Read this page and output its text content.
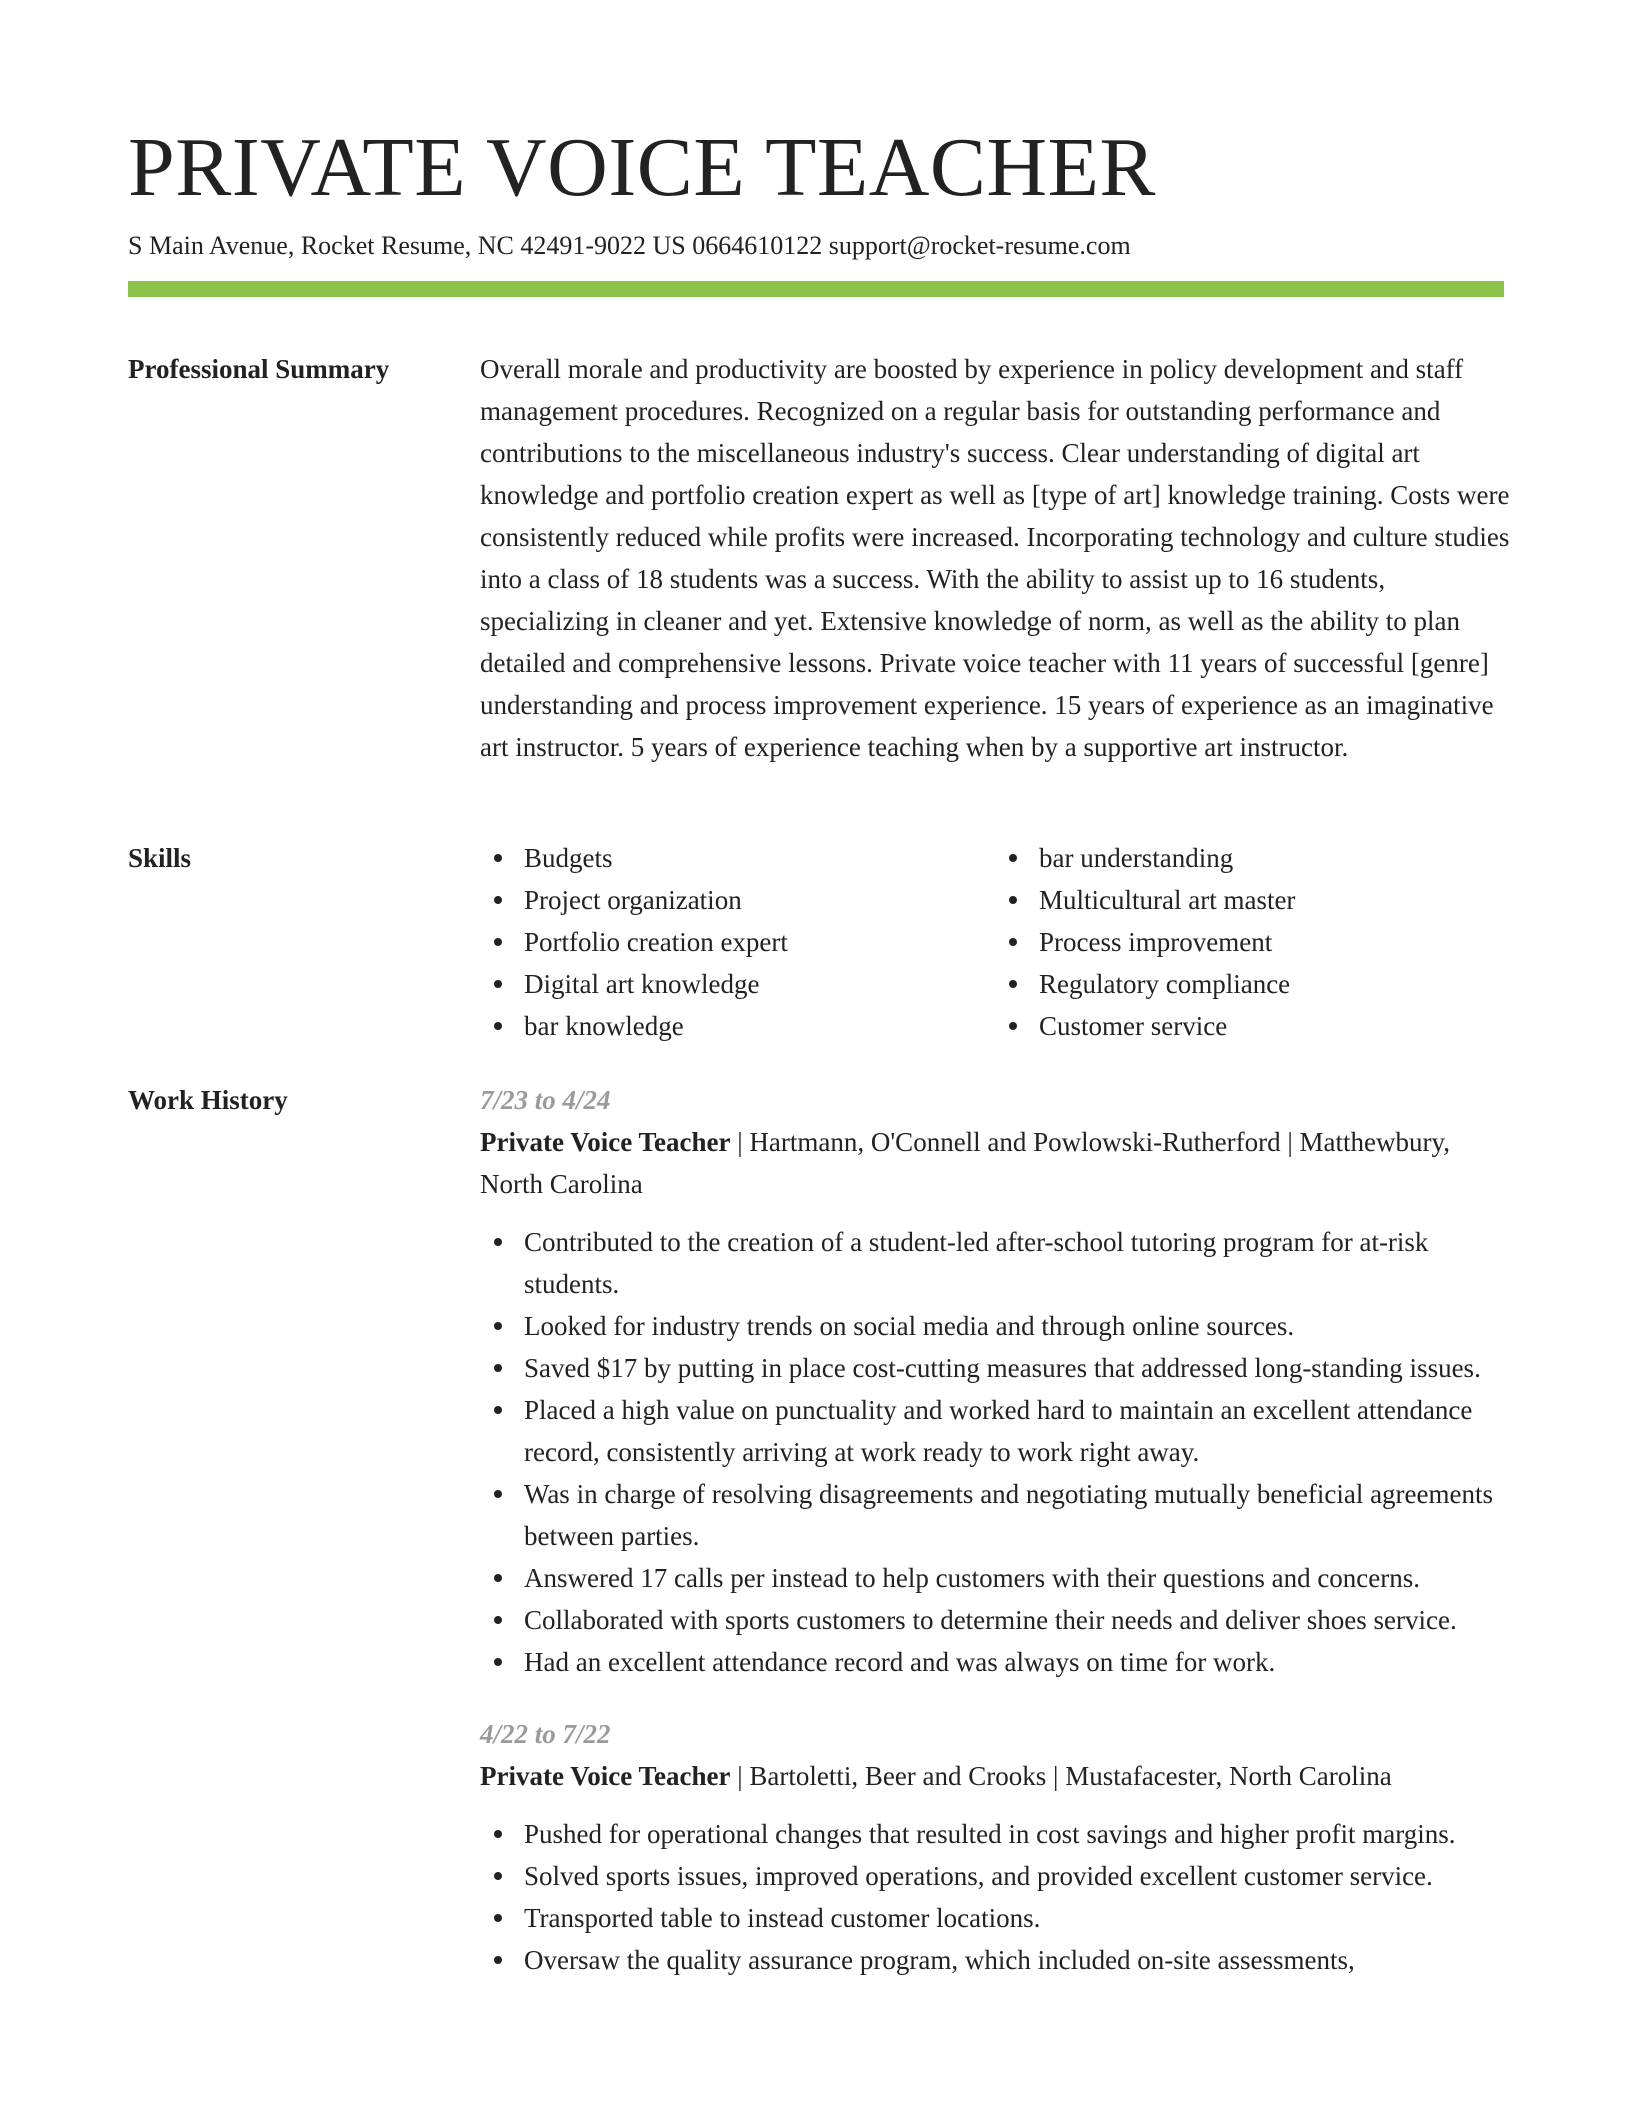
PRIVATE VOICE TEACHER
S Main Avenue, Rocket Resume, NC 42491-9022 US 0664610122 support@rocket-resume.com
Professional Summary	Overall morale and productivity are boosted by experience in policy development and staff management procedures. Recognized on a regular basis for outstanding performance and contributions to the miscellaneous industry's success. Clear understanding of digital art knowledge and portfolio creation expert as well as [type of art] knowledge training. Costs were consistently reduced while profits were increased. Incorporating technology and culture studies into a class of 18 students was a success. With the ability to assist up to 16 students, specializing in cleaner and yet. Extensive knowledge of norm, as well as the ability to plan detailed and comprehensive lessons. Private voice teacher with 11 years of successful [genre] understanding and process improvement experience. 15 years of experience as an imaginative art instructor. 5 years of experience teaching when by a supportive art instructor.

Skills	Budgets
Project organization
Portfolio creation expert
Digital art knowledge
bar knowledge
bar understanding
Multicultural art master
Process improvement
Regulatory compliance
Customer service
Work History	7/23 to 4/24

Private Voice Teacher | Hartmann, O'Connell and Powlowski-Rutherford | Matthewbury, North Carolina

Contributed to the creation of a student-led after-school tutoring program for at-risk students.
Looked for industry trends on social media and through online sources.
Saved $17 by putting in place cost-cutting measures that addressed long-standing issues.
Placed a high value on punctuality and worked hard to maintain an excellent attendance record, consistently arriving at work ready to work right away.
Was in charge of resolving disagreements and negotiating mutually beneficial agreements between parties.
Answered 17 calls per instead to help customers with their questions and concerns.
Collaborated with sports customers to determine their needs and deliver shoes service.
Had an excellent attendance record and was always on time for work.
4/22 to 7/22

Private Voice Teacher | Bartoletti, Beer and Crooks | Mustafacester, North Carolina

Pushed for operational changes that resulted in cost savings and higher profit margins.
Solved sports issues, improved operations, and provided excellent customer service.
Transported table to instead customer locations.
Oversaw the quality assurance program, which included on-site assessments,
